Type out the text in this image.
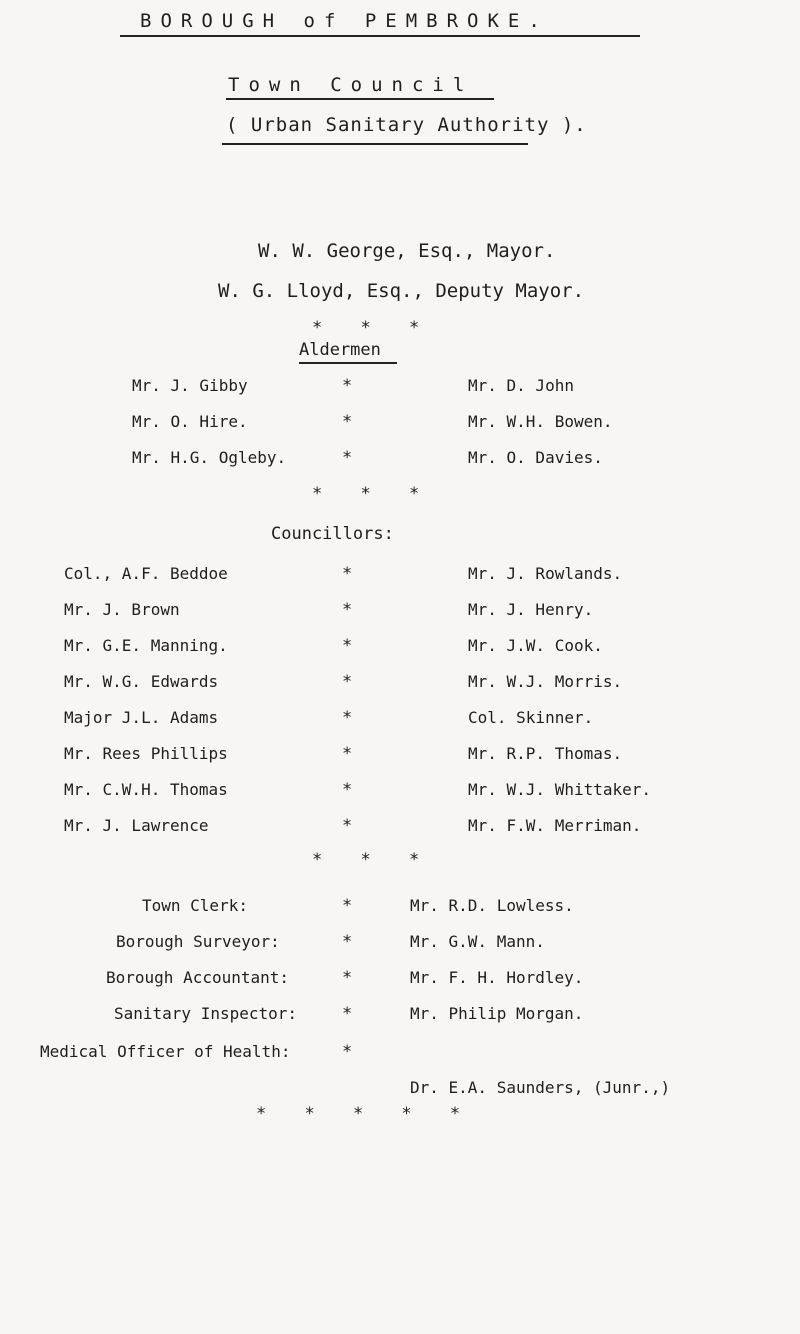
BOROUGH of PEMBROKE.
Town Council
( Urban Sanitary Authority ).
W. W. George, Esq., Mayor.
W. G. Lloyd, Esq., Deputy Mayor.
* * *
Aldermen
Mr. J. Gibby	*	Mr. D. John
Mr. O. Hire.	*	Mr. W.H. Bowen.
Mr. H.G. Ogleby.	*	Mr. O. Davies.
* * *
Councillors:
Col., A.F. Beddoe	*	Mr. J. Rowlands.
Mr. J. Brown	*	Mr. J. Henry.
Mr. G.E. Manning.	*	Mr. J.W. Cook.
Mr. W.G. Edwards	*	Mr. W.J. Morris.
Major J.L. Adams	*	Col. Skinner.
Mr. Rees Phillips	*	Mr. R.P. Thomas.
Mr. C.W.H. Thomas	*	Mr. W.J. Whittaker.
Mr. J. Lawrence	*	Mr. F.W. Merriman.
* * *
Town Clerk:	*	Mr. R.D. Lowless.
Borough Surveyor:	*	Mr. G.W. Mann.
Borough Accountant:	*	Mr. F. H. Hordley.
Sanitary Inspector:	*	Mr. Philip Morgan.
Medical Officer of Health:	*
Dr. E.A. Saunders, (Junr.,)
* * * * *
